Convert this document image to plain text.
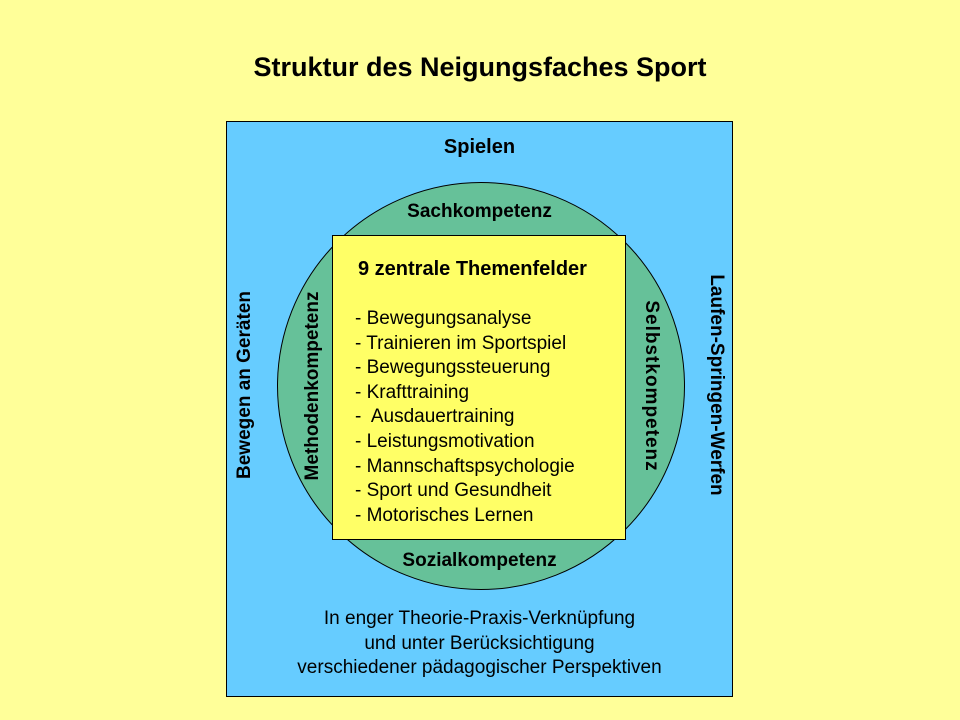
Struktur des Neigungsfaches Sport
Spielen
Bewegen an Geräten	Laufen-Springen-Werfen
Sachkompetenz
Methodenkompetenz	Selbstkompetenz
Sozialkompetenz
9 zentrale Themenfelder
- Bewegungsanalyse
- Trainieren im Sportspiel
- Bewegungssteuerung
- Krafttraining
-  Ausdauertraining
- Leistungsmotivation
- Mannschaftspsychologie
- Sport und Gesundheit
- Motorisches Lernen
In enger Theorie-Praxis-Verknüpfung
und unter Berücksichtigung
verschiedener pädagogischer Perspektiven
